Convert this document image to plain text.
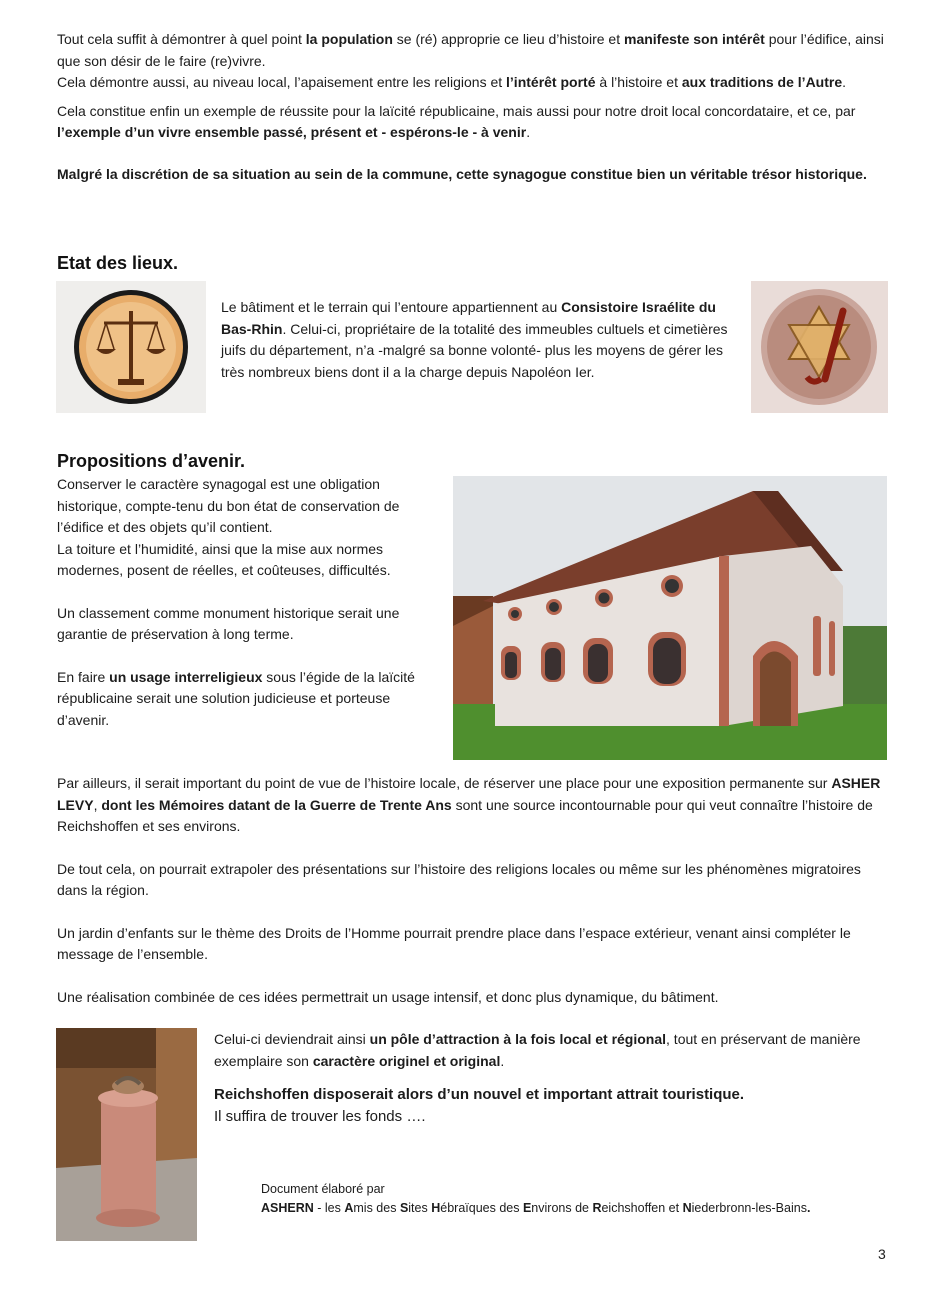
Tout cela suffit à démontrer à quel point la population se (ré) approprie ce lieu d’histoire et manifeste son intérêt pour l’édifice, ainsi que son désir de le faire (re)vivre.

Cela démontre aussi, au niveau local, l’apaisement entre les religions et l’intérêt porté à l’histoire et aux traditions de l’Autre.

Cela constitue enfin un exemple de réussite pour la laïcité républicaine, mais aussi pour notre droit local concordataire, et ce, par l’exemple d’un vivre ensemble passé, présent et - espérons-le - à venir.

Malgré la discrétion de sa situation au sein de la commune, cette synagogue constitue bien un véritable trésor historique.

Etat des lieux.

Le bâtiment et le terrain qui l’entoure appartiennent au Consistoire Israélite du Bas-Rhin. Celui-ci, propriétaire de la totalité des immeubles cultuels et cimetières juifs du département, n’a -malgré sa bonne volonté- plus les moyens de gérer les très nombreux biens dont il a la charge depuis Napoléon Ier.

Propositions d’avenir.

Conserver le caractère synagogal est une obligation historique, compte-tenu du bon état de conservation de l’édifice et des objets qu’il contient.

La toiture et l’humidité, ainsi que la mise aux normes modernes, posent de réelles, et coûteuses, difficultés.

Un classement comme monument historique serait une garantie de préservation à long terme.

En faire un usage interreligieux sous l’égide de la laïcité républicaine serait une solution judicieuse et porteuse d’avenir.

Par ailleurs, il serait important du point de vue de l’histoire locale, de réserver une place pour une exposition permanente sur ASHER LEVY, dont les Mémoires datant de la Guerre de Trente Ans sont une source incontournable pour qui veut connaître l’histoire de Reichshoffen et ses environs.

De tout cela, on pourrait extrapoler des présentations sur l’histoire des religions locales ou même sur les phénomènes migratoires dans la région.

Un jardin d’enfants sur le thème des Droits de l’Homme pourrait prendre place dans l’espace extérieur, venant ainsi compléter le message de l’ensemble.

Une réalisation combinée de ces idées permettrait un usage intensif, et donc plus dynamique, du bâtiment.

Celui-ci deviendrait ainsi un pôle d’attraction à la fois local et régional, tout en préservant de manière exemplaire son caractère originel et original.

Reichshoffen disposerait alors d’un nouvel et important attrait touristique.

Il suffira de trouver les fonds ….

Document élaboré par

ASHERN - les Amis des Sites Hébraïques des Environs de Reichshoffen et Niederbronn-les-Bains.

3
